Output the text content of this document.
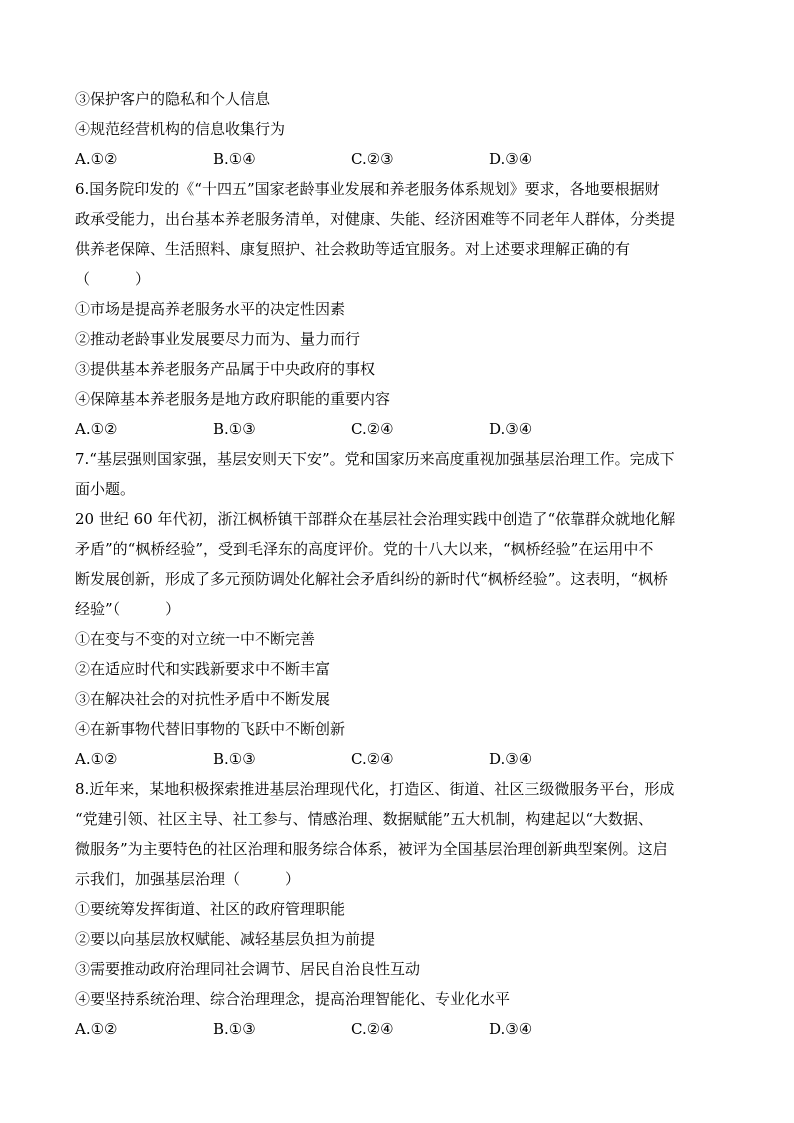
③保护客户的隐私和个人信息
④规范经营机构的信息收集行为
A.①②	B.①④	C.②③	D.③④
6.国务院印发的《“十四五”国家老龄事业发展和养老服务体系规划》要求，各地要根据财
政承受能力，出台基本养老服务清单，对健康、失能、经济困难等不同老年人群体，分类提
供养老保障、生活照料、康复照护、社会救助等适宜服务。对上述要求理解正确的有
（　　　）
①市场是提高养老服务水平的决定性因素
②推动老龄事业发展要尽力而为、量力而行
③提供基本养老服务产品属于中央政府的事权
④保障基本养老服务是地方政府职能的重要内容
A.①②	B.①③	C.②④	D.③④
7.“基层强则国家强，基层安则天下安”。党和国家历来高度重视加强基层治理工作。完成下
面小题。
20 世纪 60 年代初，浙江枫桥镇干部群众在基层社会治理实践中创造了“依靠群众就地化解
矛盾”的“枫桥经验”，受到毛泽东的高度评价。党的十八大以来，“枫桥经验”在运用中不
断发展创新，形成了多元预防调处化解社会矛盾纠纷的新时代“枫桥经验”。这表明，“枫桥
经验”（　　　）
①在变与不变的对立统一中不断完善
②在适应时代和实践新要求中不断丰富
③在解决社会的对抗性矛盾中不断发展
④在新事物代替旧事物的飞跃中不断创新
A.①②	B.①③	C.②④	D.③④
8.近年来，某地积极探索推进基层治理现代化，打造区、街道、社区三级微服务平台，形成
“党建引领、社区主导、社工参与、情感治理、数据赋能”五大机制，构建起以“大数据、
微服务”为主要特色的社区治理和服务综合体系，被评为全国基层治理创新典型案例。这启
示我们，加强基层治理（　　　）
①要统筹发挥街道、社区的政府管理职能
②要以向基层放权赋能、减轻基层负担为前提
③需要推动政府治理同社会调节、居民自治良性互动
④要坚持系统治理、综合治理理念，提高治理智能化、专业化水平
A.①②	B.①③	C.②④	D.③④
